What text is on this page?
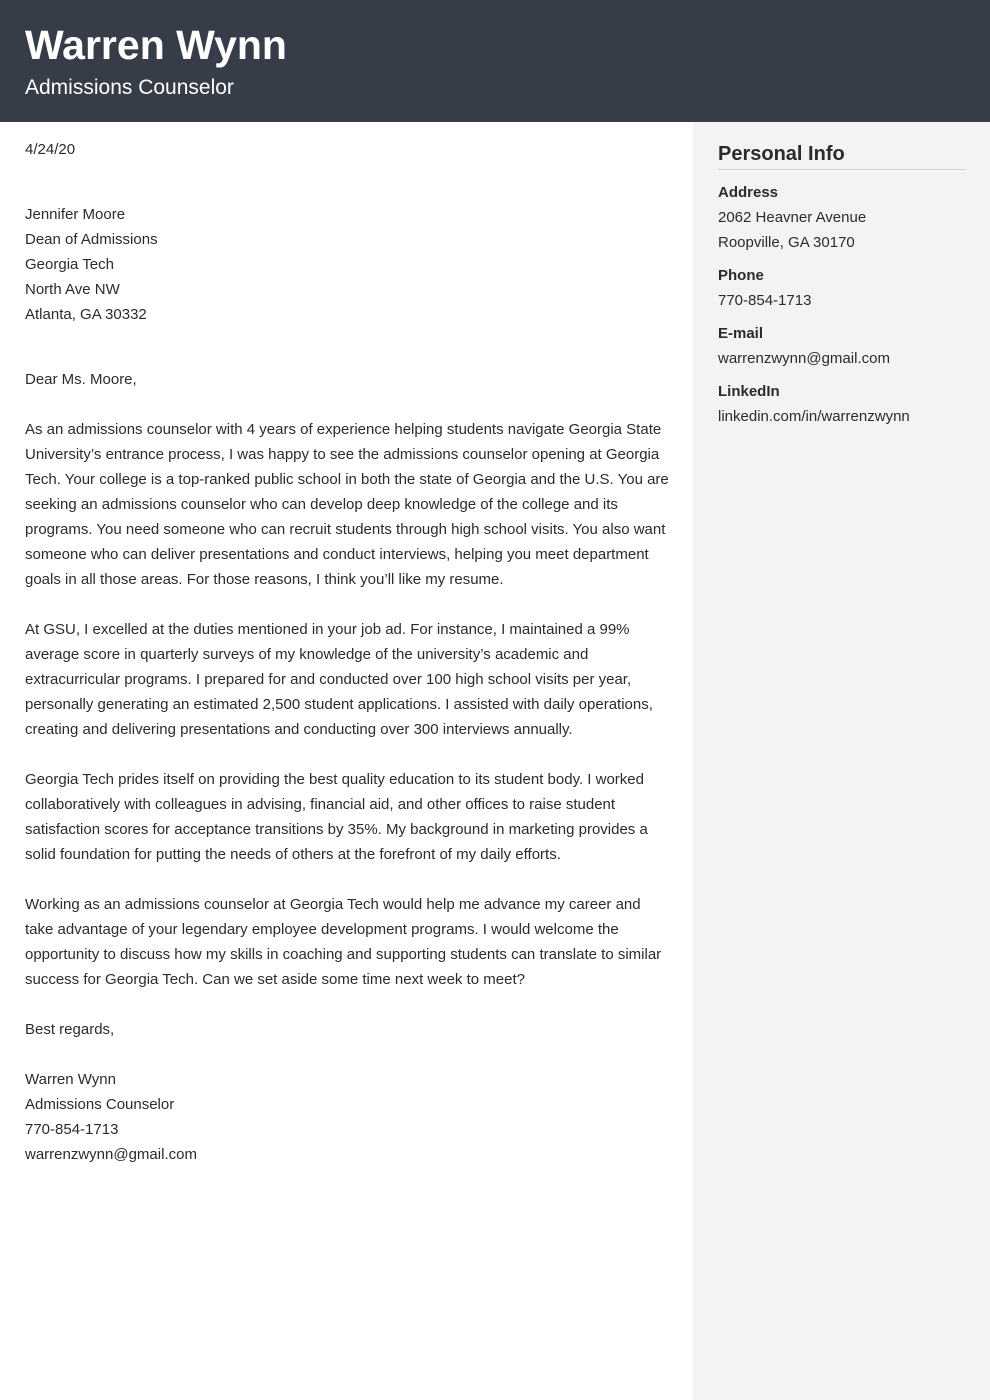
Warren Wynn
Admissions Counselor
4/24/20
Jennifer Moore
Dean of Admissions
Georgia Tech
North Ave NW
Atlanta, GA 30332

Dear Ms. Moore,

As an admissions counselor with 4 years of experience helping students navigate Georgia State University’s entrance process, I was happy to see the admissions counselor opening at Georgia Tech. Your college is a top-ranked public school in both the state of Georgia and the U.S. You are seeking an admissions counselor who can develop deep knowledge of the college and its programs. You need someone who can recruit students through high school visits. You also want someone who can deliver presentations and conduct interviews, helping you meet department goals in all those areas. For those reasons, I think you’ll like my resume.

At GSU, I excelled at the duties mentioned in your job ad. For instance, I maintained a 99% average score in quarterly surveys of my knowledge of the university’s academic and extracurricular programs. I prepared for and conducted over 100 high school visits per year, personally generating an estimated 2,500 student applications. I assisted with daily operations, creating and delivering presentations and conducting over 300 interviews annually.

Georgia Tech prides itself on providing the best quality education to its student body. I worked collaboratively with colleagues in advising, financial aid, and other offices to raise student satisfaction scores for acceptance transitions by 35%. My background in marketing provides a solid foundation for putting the needs of others at the forefront of my daily efforts.

Working as an admissions counselor at Georgia Tech would help me advance my career and take advantage of your legendary employee development programs. I would welcome the opportunity to discuss how my skills in coaching and supporting students can translate to similar success for Georgia Tech. Can we set aside some time next week to meet?

Best regards,

Warren Wynn
Admissions Counselor
770-854-1713
warrenzwynn@gmail.com
Personal Info
Address
2062 Heavner Avenue
Roopville, GA 30170
Phone
770-854-1713
E-mail
warrenzwynn@gmail.com
LinkedIn
linkedin.com/in/warrenzwynn
